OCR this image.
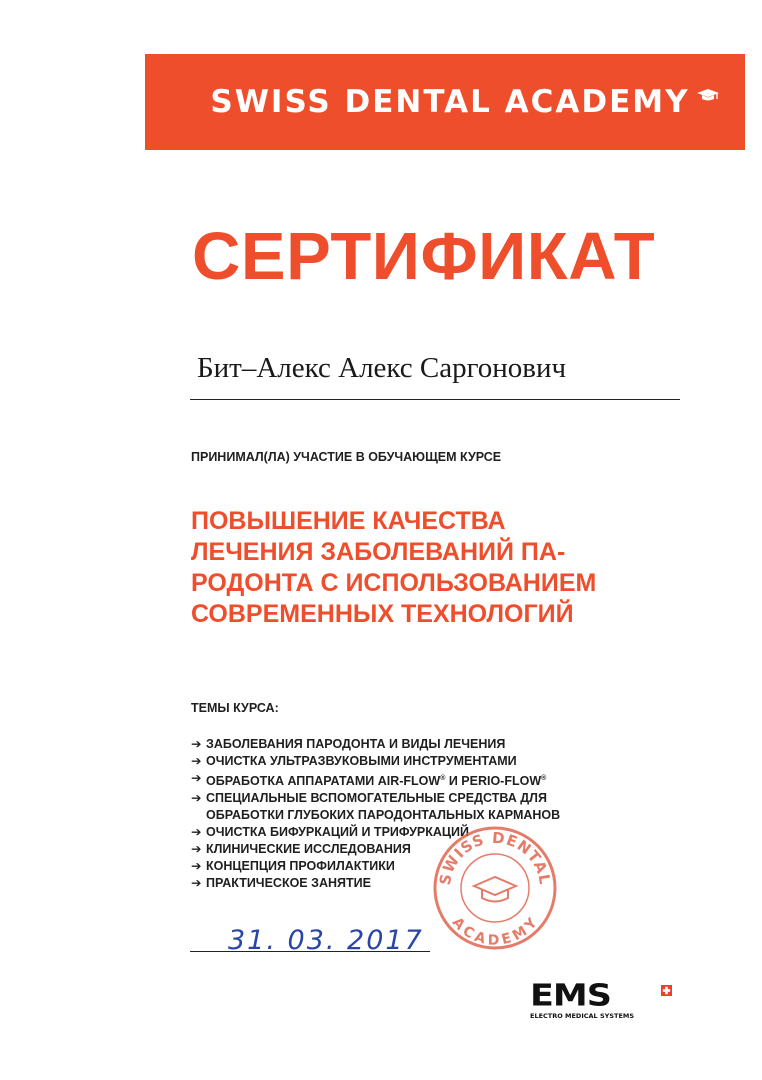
SWISS DENTAL ACADEMY
СЕРТИФИКАТ
Бит–Алекс Алекс Саргонович
ПРИНИМАЛ(ЛА) УЧАСТИЕ В ОБУЧАЮЩЕМ КУРСЕ
ПОВЫШЕНИЕ КАЧЕСТВА
ЛЕЧЕНИЯ ЗАБОЛЕВАНИЙ ПА-
РОДОНТА С ИСПОЛЬЗОВАНИЕМ
СОВРЕМЕННЫХ ТЕХНОЛОГИЙ
ТЕМЫ КУРСА:
➔ ЗАБОЛЕВАНИЯ ПАРОДОНТА И ВИДЫ ЛЕЧЕНИЯ
➔ ОЧИСТКА УЛЬТРАЗВУКОВЫМИ ИНСТРУМЕНТАМИ
➔ ОБРАБОТКА АППАРАТАМИ AIR-FLOW® И PERIO-FLOW®
➔ СПЕЦИАЛЬНЫЕ ВСПОМОГАТЕЛЬНЫЕ СРЕДСТВА ДЛЯ
ОБРАБОТКИ ГЛУБОКИХ ПАРОДОНТАЛЬНЫХ КАРМАНОВ
➔ ОЧИСТКА БИФУРКАЦИЙ И ТРИФУРКАЦИЙ
➔ КЛИНИЧЕСКИЕ ИССЛЕДОВАНИЯ
➔ КОНЦЕПЦИЯ ПРОФИЛАКТИКИ
➔ ПРАКТИЧЕСКОЕ ЗАНЯТИЕ
31. 03. 2017
SWISS DENTAL
ACADEMY
EMS
ELECTRO MEDICAL SYSTEMS
